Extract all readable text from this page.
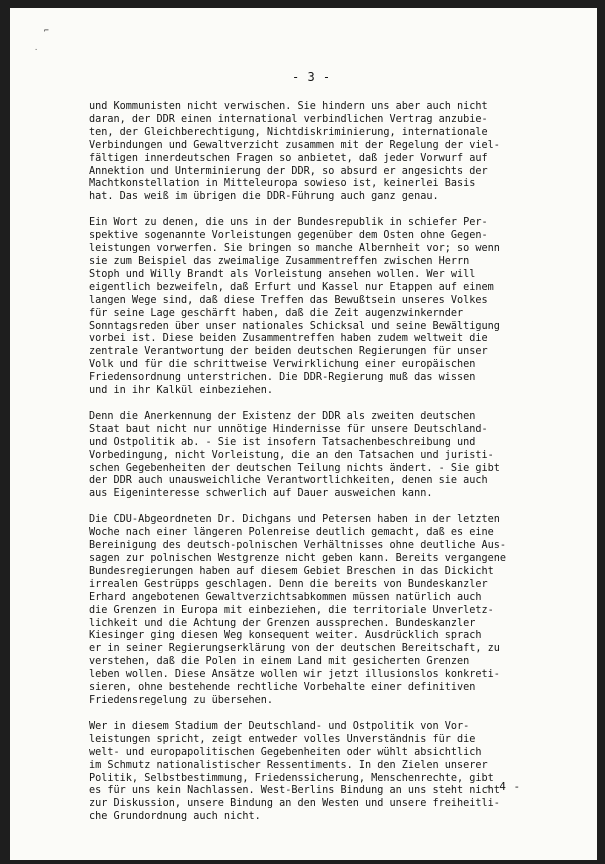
⌐
·
- 3 -

und Kommunisten nicht verwischen. Sie hindern uns aber auch nicht

daran, der DDR einen international verbindlichen Vertrag anzubie-

ten, der Gleichberechtigung, Nichtdiskriminierung, internationale

Verbindungen und Gewaltverzicht zusammen mit der Regelung der viel-

fältigen innerdeutschen Fragen so anbietet, daß jeder Vorwurf auf

Annektion und Unterminierung der DDR, so absurd er angesichts der

Machtkonstellation in Mitteleuropa sowieso ist, keinerlei Basis

hat. Das weiß im übrigen die DDR-Führung auch ganz genau.

Ein Wort zu denen, die uns in der Bundesrepublik in schiefer Per-

spektive sogenannte Vorleistungen gegenüber dem Osten ohne Gegen-

leistungen vorwerfen. Sie bringen so manche Albernheit vor; so wenn

sie zum Beispiel das zweimalige Zusammentreffen zwischen Herrn

Stoph und Willy Brandt als Vorleistung ansehen wollen. Wer will

eigentlich bezweifeln, daß Erfurt und Kassel nur Etappen auf einem

langen Wege sind, daß diese Treffen das Bewußtsein unseres Volkes

für seine Lage geschärft haben, daß die Zeit augenzwinkernder

Sonntagsreden über unser nationales Schicksal und seine Bewältigung

vorbei ist. Diese beiden Zusammentreffen haben zudem weltweit die

zentrale Verantwortung der beiden deutschen Regierungen für unser

Volk und für die schrittweise Verwirklichung einer europäischen

Friedensordnung unterstrichen. Die DDR-Regierung muß das wissen

und in ihr Kalkül einbeziehen.

Denn die Anerkennung der Existenz der DDR als zweiten deutschen

Staat baut nicht nur unnötige Hindernisse für unsere Deutschland-

und Ostpolitik ab. - Sie ist insofern Tatsachenbeschreibung und

Vorbedingung, nicht Vorleistung, die an den Tatsachen und juristi-

schen Gegebenheiten der deutschen Teilung nichts ändert. - Sie gibt

der DDR auch unausweichliche Verantwortlichkeiten, denen sie auch

aus Eigeninteresse schwerlich auf Dauer ausweichen kann.

Die CDU-Abgeordneten Dr. Dichgans und Petersen haben in der letzten

Woche nach einer längeren Polenreise deutlich gemacht, daß es eine

Bereinigung des deutsch-polnischen Verhältnisses ohne deutliche Aus-

sagen zur polnischen Westgrenze nicht geben kann. Bereits vergangene

Bundesregierungen haben auf diesem Gebiet Breschen in das Dickicht

irrealen Gestrüpps geschlagen. Denn die bereits von Bundeskanzler

Erhard angebotenen Gewaltverzichtsabkommen müssen natürlich auch

die Grenzen in Europa mit einbeziehen, die territoriale Unverletz-

lichkeit und die Achtung der Grenzen aussprechen. Bundeskanzler

Kiesinger ging diesen Weg konsequent weiter. Ausdrücklich sprach

er in seiner Regierungserklärung von der deutschen Bereitschaft, zu

verstehen, daß die Polen in einem Land mit gesicherten Grenzen

leben wollen. Diese Ansätze wollen wir jetzt illusionslos konkreti-

sieren, ohne bestehende rechtliche Vorbehalte einer definitiven

Friedensregelung zu übersehen.

Wer in diesem Stadium der Deutschland- und Ostpolitik von Vor-

leistungen spricht, zeigt entweder volles Unverständnis für die

welt- und europapolitischen Gegebenheiten oder wühlt absichtlich

im Schmutz nationalistischer Ressentiments. In den Zielen unserer

Politik, Selbstbestimmung, Friedenssicherung, Menschenrechte, gibt

es für uns kein Nachlassen. West-Berlins Bindung an uns steht nicht

zur Diskussion, unsere Bindung an den Westen und unsere freiheitli-

che Grundordnung auch nicht.

- 4 -
